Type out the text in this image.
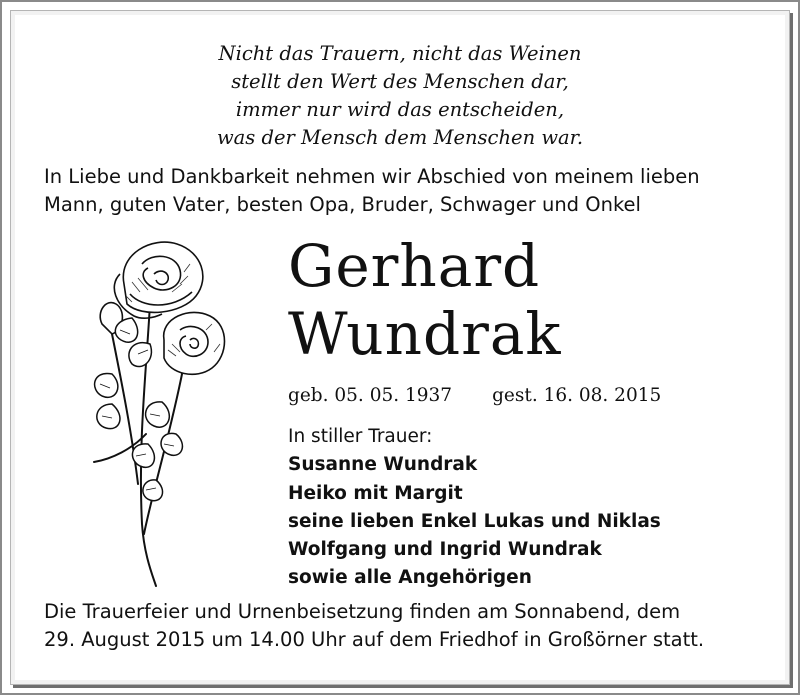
Nicht das Trauern, nicht das Weinen
stellt den Wert des Menschen dar,
immer nur wird das entscheiden,
was der Mensch dem Menschen war.
In Liebe und Dankbarkeit nehmen wir Abschied von meinem lieben
Mann, guten Vater, besten Opa, Bruder, Schwager und Onkel
Gerhard
Wundrak
geb. 05. 05. 1937 gest. 16. 08. 2015
In stiller Trauer:
Susanne Wundrak
Heiko mit Margit
seine lieben Enkel Lukas und Niklas
Wolfgang und Ingrid Wundrak
sowie alle Angehörigen
Die Trauerfeier und Urnenbeisetzung finden am Sonnabend, dem
29. August 2015 um 14.00 Uhr auf dem Friedhof in Großörner statt.
